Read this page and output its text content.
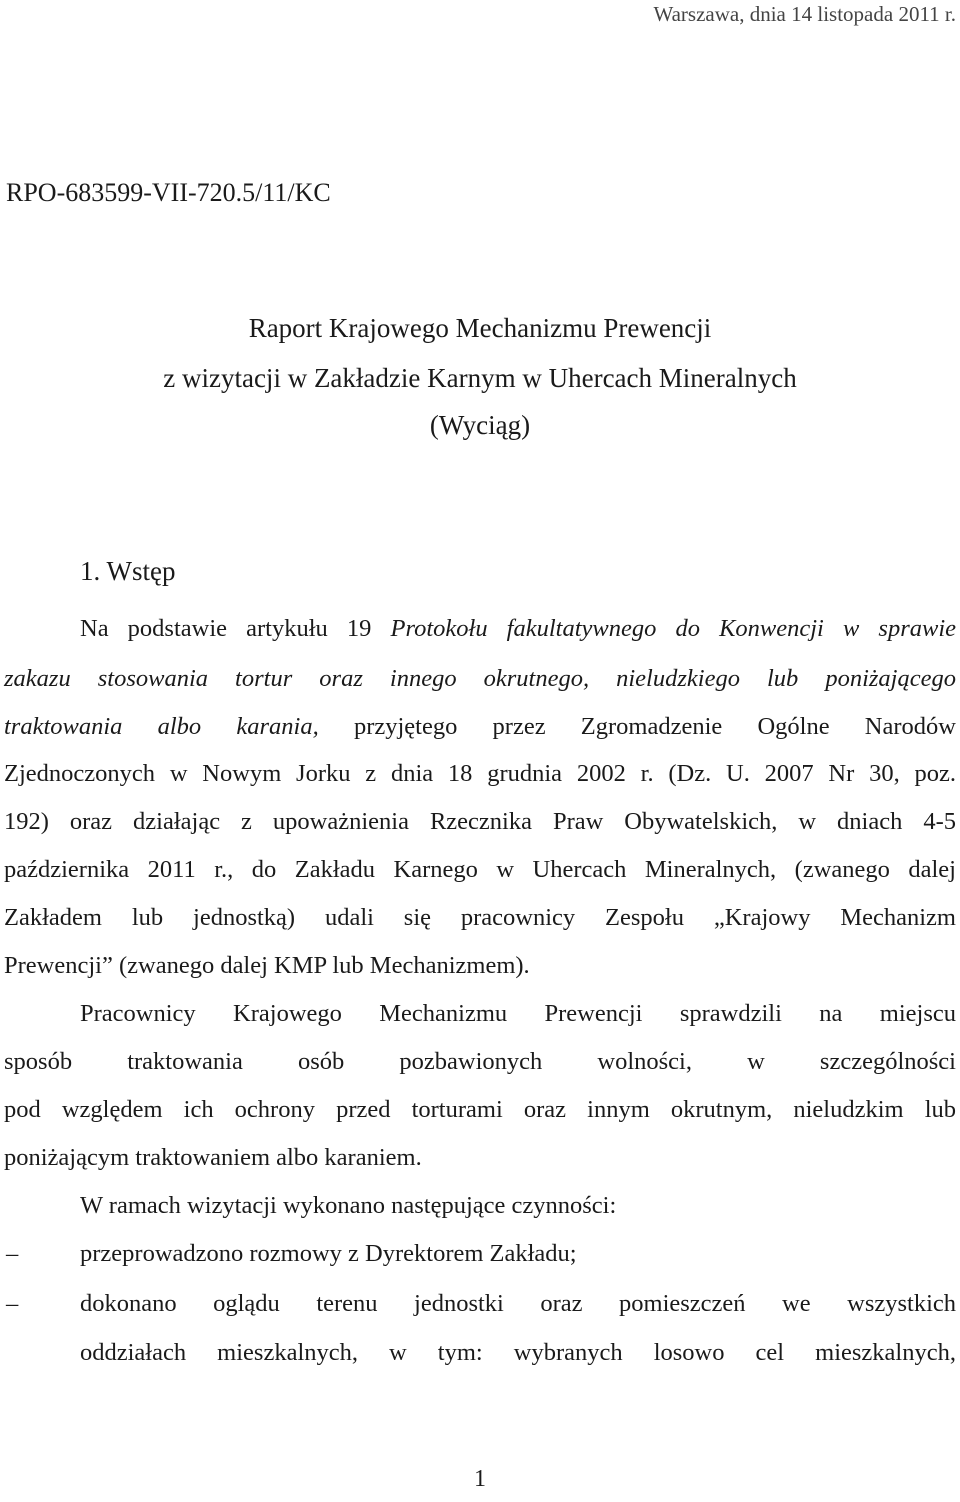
Warszawa, dnia 14 listopada 2011 r.
RPO-683599-VII-720.5/11/KC
Raport Krajowego Mechanizmu Prewencji
z wizytacji w Zakładzie Karnym w Uhercach Mineralnych
(Wyciąg)
1. Wstęp
Na podstawie artykułu 19 Protokołu fakultatywnego do Konwencji w sprawie
zakazu stosowania tortur oraz innego okrutnego, nieludzkiego lub poniżającego
traktowania albo karania, przyjętego przez Zgromadzenie Ogólne Narodów
Zjednoczonych w Nowym Jorku z dnia 18 grudnia 2002 r. (Dz. U. 2007 Nr 30, poz.
192) oraz działając z upoważnienia Rzecznika Praw Obywatelskich, w dniach 4-5
października 2011 r., do Zakładu Karnego w Uhercach Mineralnych, (zwanego dalej
Zakładem lub jednostką) udali się pracownicy Zespołu „Krajowy Mechanizm
Prewencji” (zwanego dalej KMP lub Mechanizmem).
Pracownicy Krajowego Mechanizmu Prewencji sprawdzili na miejscu
sposób traktowania osób pozbawionych wolności, w szczególności
pod względem ich ochrony przed torturami oraz innym okrutnym, nieludzkim lub
poniżającym traktowaniem albo karaniem.
W ramach wizytacji wykonano następujące czynności:
–	przeprowadzono rozmowy z Dyrektorem Zakładu;
–	dokonano oglądu terenu jednostki oraz pomieszczeń we wszystkich
oddziałach mieszkalnych, w tym: wybranych losowo cel mieszkalnych,
1
